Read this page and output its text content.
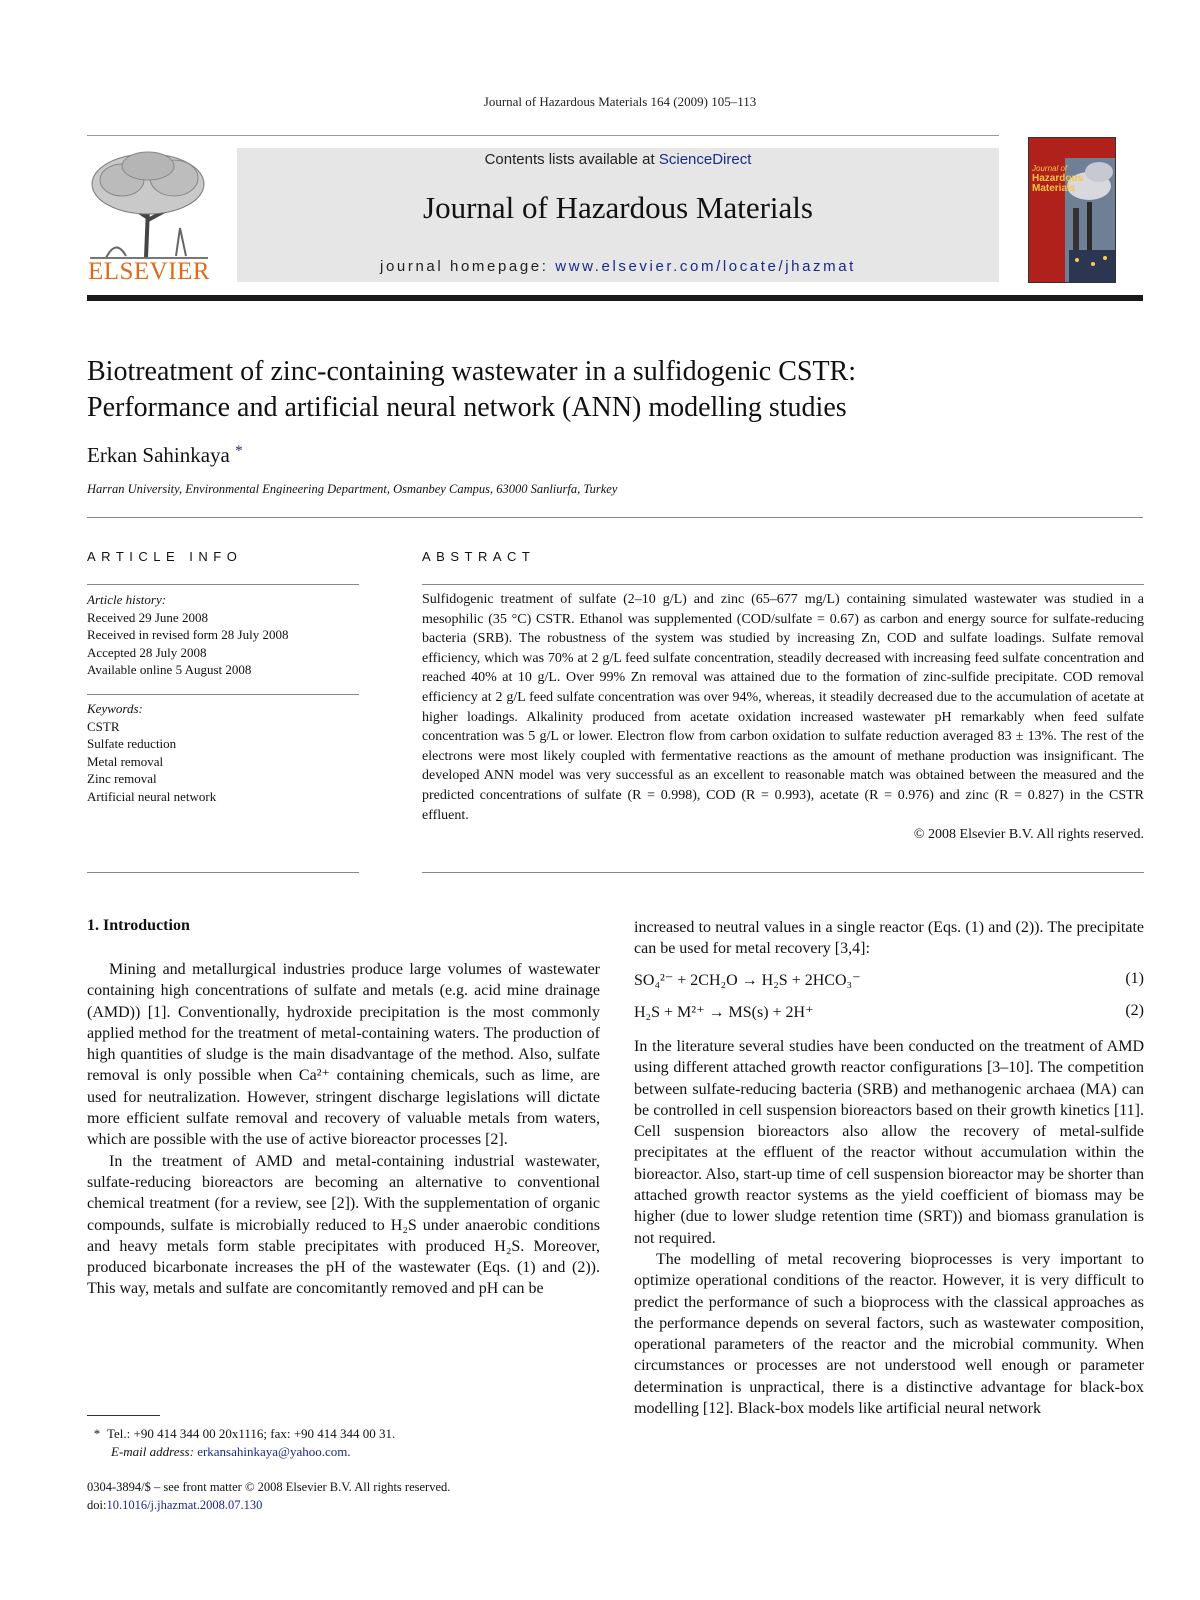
Journal of Hazardous Materials 164 (2009) 105–113
ELSEVIER
Contents lists available at ScienceDirect
Journal of Hazardous Materials
journal homepage: www.elsevier.com/locate/jhazmat
Journal of
Hazardous
Materials
Biotreatment of zinc-containing wastewater in a sulfidogenic CSTR:
Performance and artificial neural network (ANN) modelling studies
Erkan Sahinkaya *
Harran University, Environmental Engineering Department, Osmanbey Campus, 63000 Sanliurfa, Turkey
ARTICLE INFO
Article history:
Received 29 June 2008
Received in revised form 28 July 2008
Accepted 28 July 2008
Available online 5 August 2008
Keywords:
CSTR
Sulfate reduction
Metal removal
Zinc removal
Artificial neural network
ABSTRACT
Sulfidogenic treatment of sulfate (2–10 g/L) and zinc (65–677 mg/L) containing simulated wastewater was studied in a mesophilic (35 °C) CSTR. Ethanol was supplemented (COD/sulfate = 0.67) as carbon and energy source for sulfate-reducing bacteria (SRB). The robustness of the system was studied by increasing Zn, COD and sulfate loadings. Sulfate removal efficiency, which was 70% at 2 g/L feed sulfate concentration, steadily decreased with increasing feed sulfate concentration and reached 40% at 10 g/L. Over 99% Zn removal was attained due to the formation of zinc-sulfide precipitate. COD removal efficiency at 2 g/L feed sulfate concentration was over 94%, whereas, it steadily decreased due to the accumulation of acetate at higher loadings. Alkalinity produced from acetate oxidation increased wastewater pH remarkably when feed sulfate concentration was 5 g/L or lower. Electron flow from carbon oxidation to sulfate reduction averaged 83 ± 13%. The rest of the electrons were most likely coupled with fermentative reactions as the amount of methane production was insignificant. The developed ANN model was very successful as an excellent to reasonable match was obtained between the measured and the predicted concentrations of sulfate (R = 0.998), COD (R = 0.993), acetate (R = 0.976) and zinc (R = 0.827) in the CSTR effluent.
© 2008 Elsevier B.V. All rights reserved.
1. Introduction

Mining and metallurgical industries produce large volumes of wastewater containing high concentrations of sulfate and metals (e.g. acid mine drainage (AMD)) [1]. Conventionally, hydroxide precipitation is the most commonly applied method for the treatment of metal-containing waters. The production of high quantities of sludge is the main disadvantage of the method. Also, sulfate removal is only possible when Ca²⁺ containing chemicals, such as lime, are used for neutralization. However, stringent discharge legislations will dictate more efficient sulfate removal and recovery of valuable metals from waters, which are possible with the use of active bioreactor processes [2].

In the treatment of AMD and metal-containing industrial wastewater, sulfate-reducing bioreactors are becoming an alternative to conventional chemical treatment (for a review, see [2]). With the supplementation of organic compounds, sulfate is microbially reduced to H₂S under anaerobic conditions and heavy metals form stable precipitates with produced H₂S. Moreover, produced bicarbonate increases the pH of the wastewater (Eqs. (1) and (2)). This way, metals and sulfate are concomitantly removed and pH can be

increased to neutral values in a single reactor (Eqs. (1) and (2)). The precipitate can be used for metal recovery [3,4]:

SO₄²⁻ + 2CH₂O → H₂S + 2HCO₃⁻	(1)
H₂S + M²⁺ → MS(s) + 2H⁺	(2)

In the literature several studies have been conducted on the treatment of AMD using different attached growth reactor configurations [3–10]. The competition between sulfate-reducing bacteria (SRB) and methanogenic archaea (MA) can be controlled in cell suspension bioreactors based on their growth kinetics [11]. Cell suspension bioreactors also allow the recovery of metal-sulfide precipitates at the effluent of the reactor without accumulation within the bioreactor. Also, start-up time of cell suspension bioreactor may be shorter than attached growth reactor systems as the yield coefficient of biomass may be higher (due to lower sludge retention time (SRT)) and biomass granulation is not required.

The modelling of metal recovering bioprocesses is very important to optimize operational conditions of the reactor. However, it is very difficult to predict the performance of such a bioprocess with the classical approaches as the performance depends on several factors, such as wastewater composition, operational parameters of the reactor and the microbial community. When circumstances or processes are not understood well enough or parameter determination is unpractical, there is a distinctive advantage for black-box modelling [12]. Black-box models like artificial neural network

* Tel.: +90 414 344 00 20x1116; fax: +90 414 344 00 31.
E-mail address: erkansahinkaya@yahoo.com.
0304-3894/$ – see front matter © 2008 Elsevier B.V. All rights reserved.
doi:10.1016/j.jhazmat.2008.07.130
